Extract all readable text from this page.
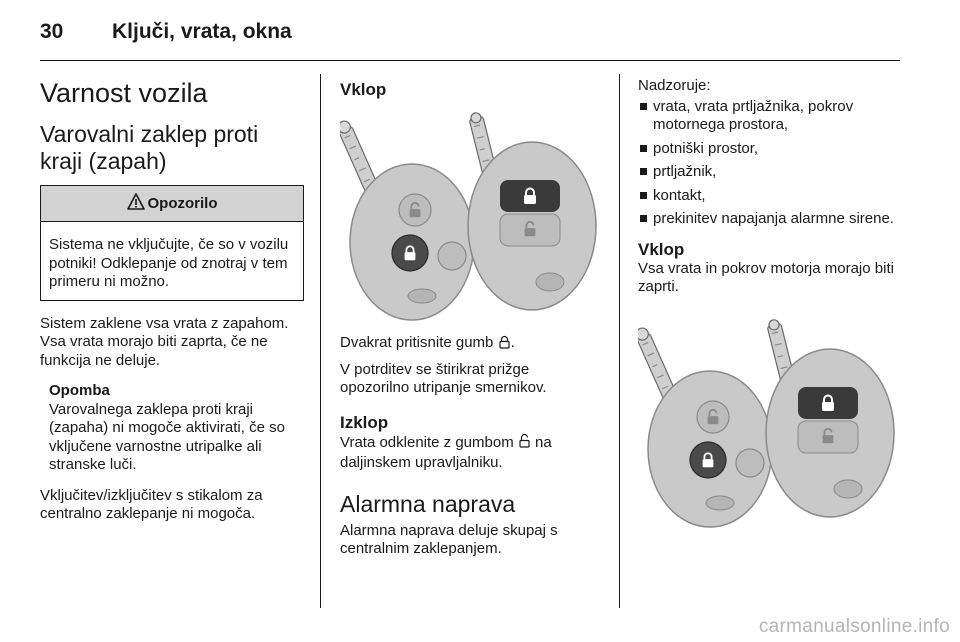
30 Ključi, vrata, okna
Varnost vozila
Varovalni zaklep proti kraji (zapah)
Opozorilo
Sistema ne vključujte, če so v vozilu potniki! Odklepanje od znotraj v tem primeru ni možno.

Sistem zaklene vsa vrata z zapahom. Vsa vrata morajo biti zaprta, če ne funkcija ne deluje.

Opomba
Varovalnega zaklepa proti kraji (zapaha) ni mogoče aktivirati, če so vključene varnostne utripalke ali stranske luči.

Vključitev/izključitev s stikalom za centralno zaklepanje ni mogoča.

Vklop

Dvakrat pritisnite gumb .

V potrditev se štirikrat prižge opozorilno utripanje smernikov.

Izklop

Vrata odklenite z gumbom na daljinskem upravljalniku.

Alarmna naprava

Alarmna naprava deluje skupaj s centralnim zaklepanjem.

Nadzoruje:

vrata, vrata prtljažnika, pokrov motornega prostora,
potniški prostor,
prtljažnik,
kontakt,
prekinitev napajanja alarmne sirene.
Vklop

Vsa vrata in pokrov motorja morajo biti zaprti.

carmanualsonline.info
